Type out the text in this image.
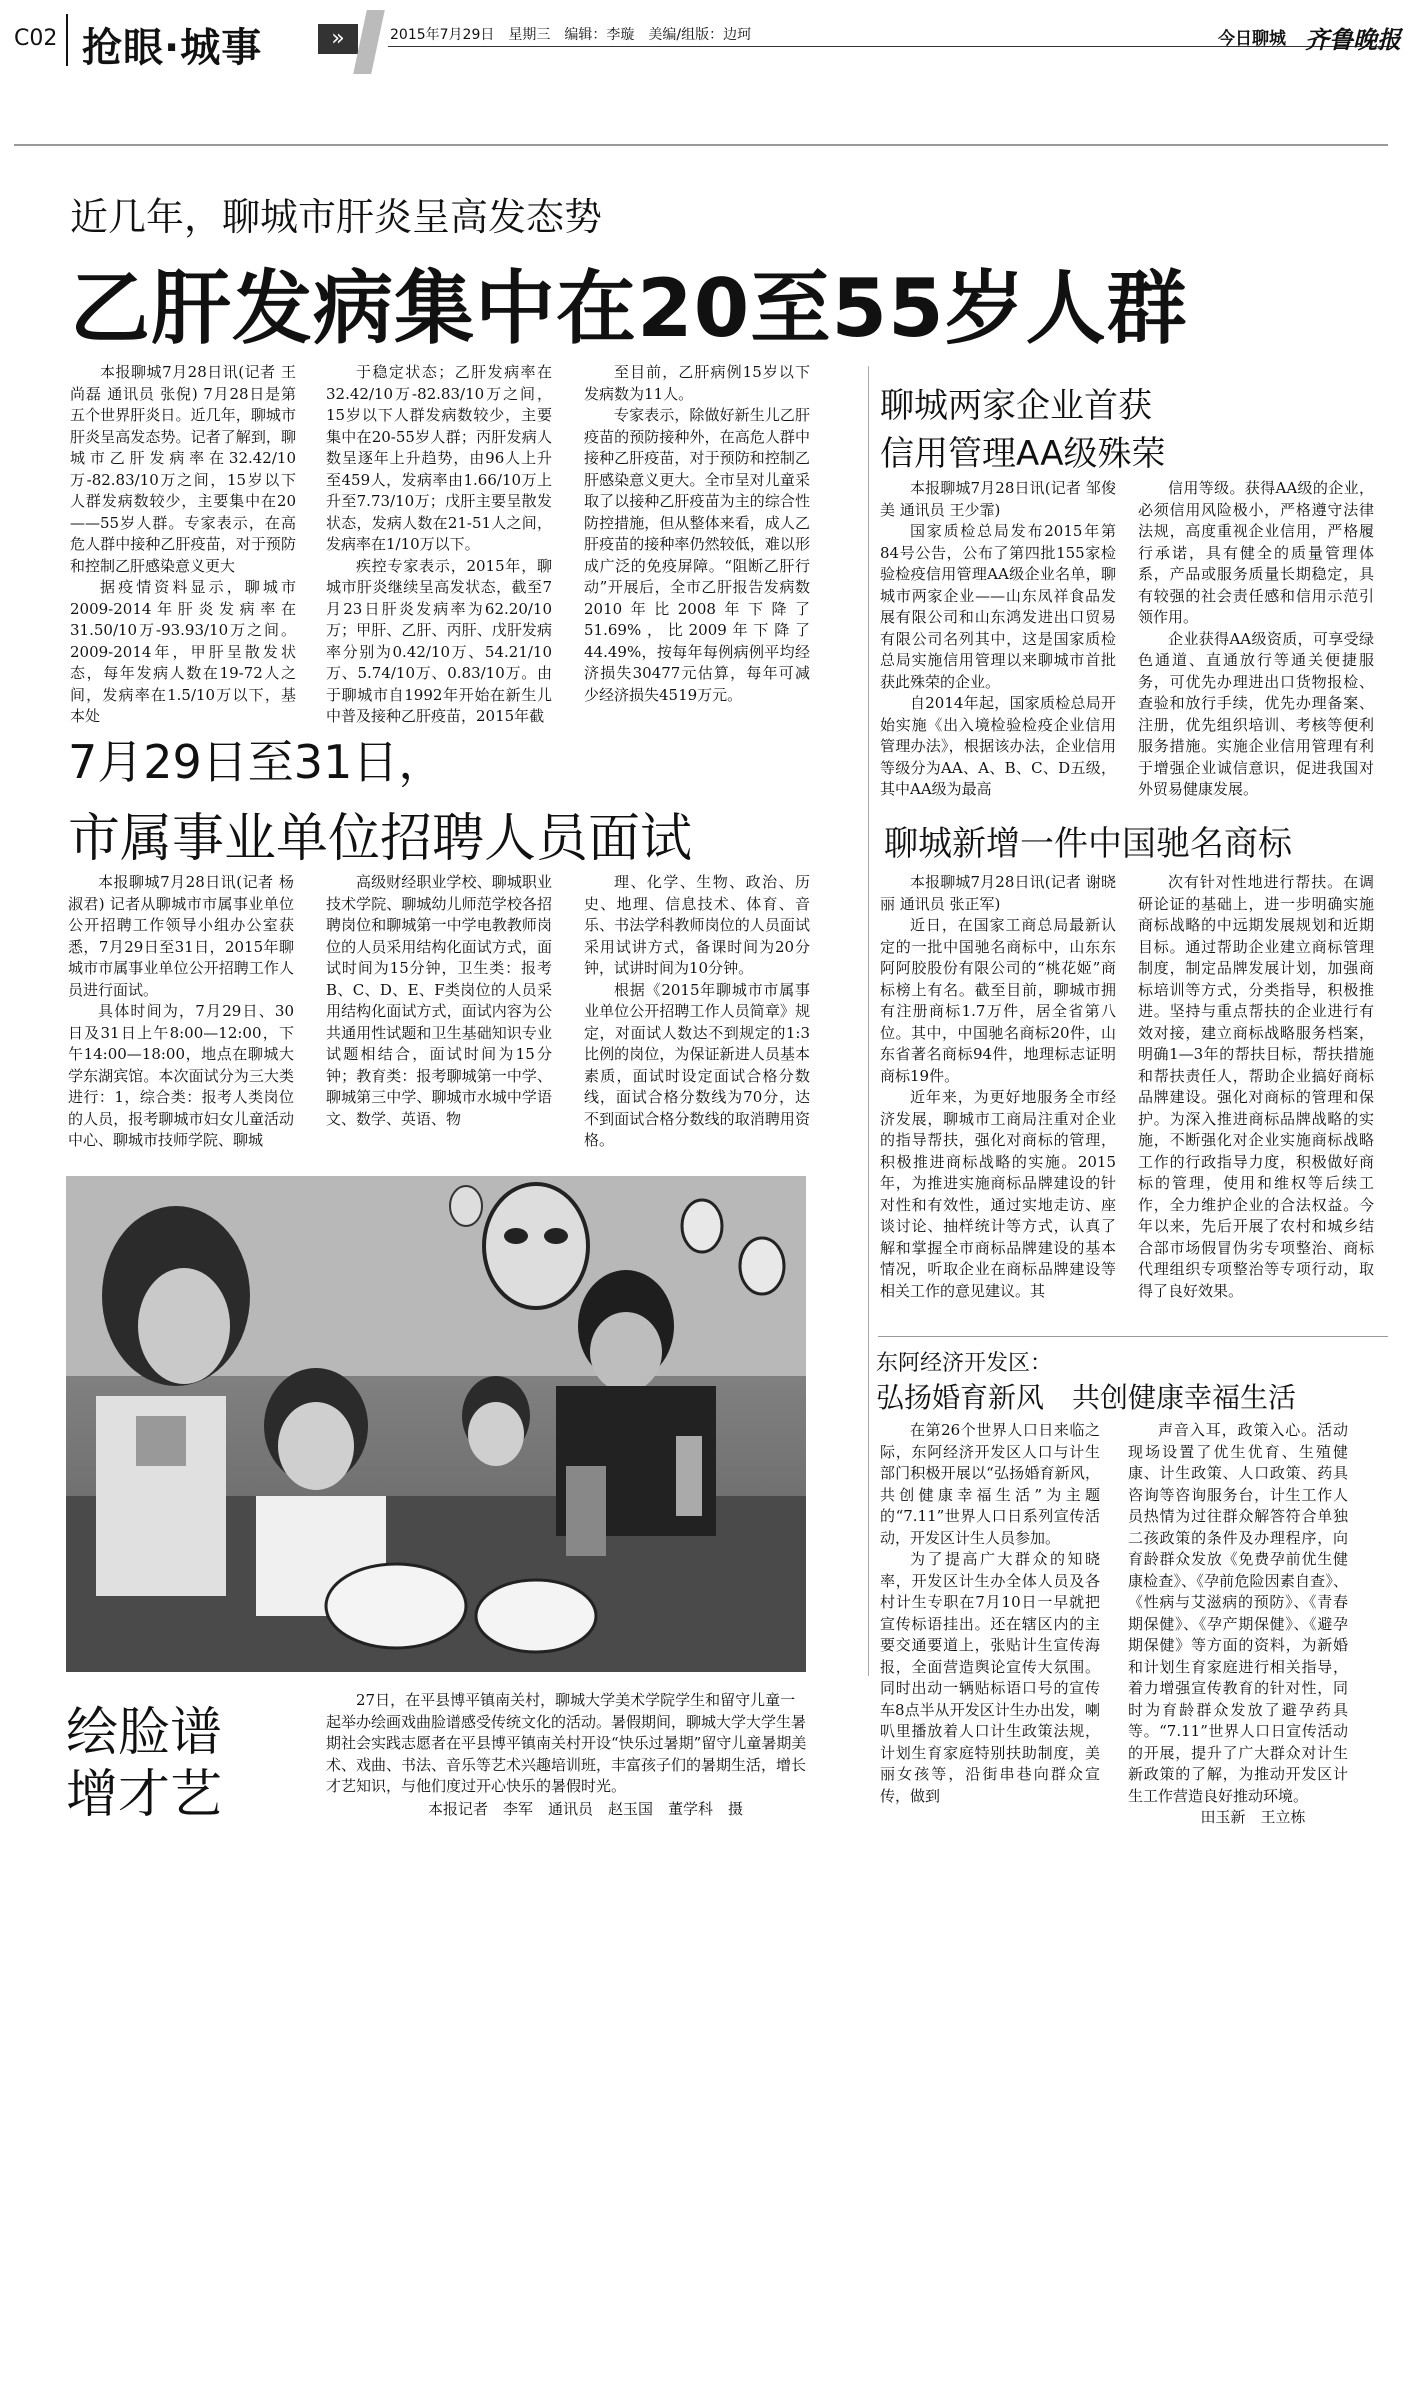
C02 抢眼·城事	»	2015年7月29日　星期三　编辑：李璇　美编/组版：边珂	今日聊城 齐鲁晚报
近几年，聊城市肝炎呈高发态势
乙肝发病集中在20至55岁人群

本报聊城7月28日讯(记者 王尚磊 通讯员 张倪) 7月28日是第五个世界肝炎日。近几年，聊城市肝炎呈高发态势。记者了解到，聊城市乙肝发病率在32.42/10万-82.83/10万之间，15岁以下人群发病数较少，主要集中在20——55岁人群。专家表示，在高危人群中接种乙肝疫苗，对于预防和控制乙肝感染意义更大

据疫情资料显示，聊城市2009-2014年肝炎发病率在31.50/10万-93.93/10万之间。2009-2014年，甲肝呈散发状态，每年发病人数在19-72人之间，发病率在1.5/10万以下，基本处

于稳定状态；乙肝发病率在32.42/10万-82.83/10万之间，15岁以下人群发病数较少，主要集中在20-55岁人群；丙肝发病人数呈逐年上升趋势，由96人上升至459人，发病率由1.66/10万上升至7.73/10万；戊肝主要呈散发状态，发病人数在21-51人之间，发病率在1/10万以下。

疾控专家表示，2015年，聊城市肝炎继续呈高发状态，截至7月23日肝炎发病率为62.20/10万；甲肝、乙肝、丙肝、戊肝发病率分别为0.42/10万、54.21/10万、5.74/10万、0.83/10万。由于聊城市自1992年开始在新生儿中普及接种乙肝疫苗，2015年截

至目前，乙肝病例15岁以下发病数为11人。

专家表示，除做好新生儿乙肝疫苗的预防接种外，在高危人群中接种乙肝疫苗，对于预防和控制乙肝感染意义更大。全市呈对儿童采取了以接种乙肝疫苗为主的综合性防控措施，但从整体来看，成人乙肝疫苗的接种率仍然较低，难以形成广泛的免疫屏障。“阻断乙肝行动”开展后，全市乙肝报告发病数2010年比2008年下降了51.69%，比2009年下降了44.49%，按每年每例病例平均经济损失30477元估算，每年可减少经济损失4519万元。

7月29日至31日，
市属事业单位招聘人员面试

本报聊城7月28日讯(记者 杨淑君) 记者从聊城市市属事业单位公开招聘工作领导小组办公室获悉，7月29日至31日，2015年聊城市市属事业单位公开招聘工作人员进行面试。

具体时间为，7月29日、30日及31日上午8:00—12:00，下午14:00—18:00，地点在聊城大学东湖宾馆。本次面试分为三大类进行：1，综合类：报考人类岗位的人员，报考聊城市妇女儿童活动中心、聊城市技师学院、聊城

高级财经职业学校、聊城职业技术学院、聊城幼儿师范学校各招聘岗位和聊城第一中学电教教师岗位的人员采用结构化面试方式，面试时间为15分钟，卫生类：报考B、C、D、E、F类岗位的人员采用结构化面试方式，面试内容为公共通用性试题和卫生基础知识专业试题相结合，面试时间为15分钟；教育类：报考聊城第一中学、聊城第三中学、聊城市水城中学语文、数学、英语、物

理、化学、生物、政治、历史、地理、信息技术、体育、音乐、书法学科教师岗位的人员面试采用试讲方式，备课时间为20分钟，试讲时间为10分钟。

根据《2015年聊城市市属事业单位公开招聘工作人员简章》规定，对面试人数达不到规定的1:3比例的岗位，为保证新进人员基本素质，面试时设定面试合格分数线，面试合格分数线为70分，达不到面试合格分数线的取消聘用资格。

绘脸谱
增才艺

27日，在平县博平镇南关村，聊城大学美术学院学生和留守儿童一起举办绘画戏曲脸谱感受传统文化的活动。暑假期间，聊城大学大学生暑期社会实践志愿者在平县博平镇南关村开设“快乐过暑期”留守儿童暑期美术、戏曲、书法、音乐等艺术兴趣培训班，丰富孩子们的暑期生活，增长才艺知识，与他们度过开心快乐的暑假时光。

本报记者　李军　通讯员　赵玉国　董学科　摄
聊城两家企业首获
信用管理AA级殊荣

本报聊城7月28日讯(记者 邹俊美 通讯员 王少霏)

国家质检总局发布2015年第84号公告，公布了第四批155家检验检疫信用管理AA级企业名单，聊城市两家企业——山东凤祥食品发展有限公司和山东鸿发进出口贸易有限公司名列其中，这是国家质检总局实施信用管理以来聊城市首批获此殊荣的企业。

自2014年起，国家质检总局开始实施《出入境检验检疫企业信用管理办法》，根据该办法，企业信用等级分为AA、A、B、C、D五级，其中AA级为最高

信用等级。获得AA级的企业，必须信用风险极小，严格遵守法律法规，高度重视企业信用，严格履行承诺，具有健全的质量管理体系，产品或服务质量长期稳定，具有较强的社会责任感和信用示范引领作用。

企业获得AA级资质，可享受绿色通道、直通放行等通关便捷服务，可优先办理进出口货物报检、查验和放行手续，优先办理备案、注册，优先组织培训、考核等便利服务措施。实施企业信用管理有利于增强企业诚信意识，促进我国对外贸易健康发展。

聊城新增一件中国驰名商标

本报聊城7月28日讯(记者 谢晓丽 通讯员 张正军)

近日，在国家工商总局最新认定的一批中国驰名商标中，山东东阿阿胶股份有限公司的“桃花姬”商标榜上有名。截至目前，聊城市拥有注册商标1.7万件，居全省第八位。其中，中国驰名商标20件，山东省著名商标94件，地理标志证明商标19件。

近年来，为更好地服务全市经济发展，聊城市工商局注重对企业的指导帮扶，强化对商标的管理，积极推进商标战略的实施。2015年，为推进实施商标品牌建设的针对性和有效性，通过实地走访、座谈讨论、抽样统计等方式，认真了解和掌握全市商标品牌建设的基本情况，听取企业在商标品牌建设等相关工作的意见建议。其

次有针对性地进行帮扶。在调研论证的基础上，进一步明确实施商标战略的中远期发展规划和近期目标。通过帮助企业建立商标管理制度，制定品牌发展计划，加强商标培训等方式，分类指导，积极推进。坚持与重点帮扶的企业进行有效对接，建立商标战略服务档案，明确1—3年的帮扶目标，帮扶措施和帮扶责任人，帮助企业搞好商标品牌建设。强化对商标的管理和保护。为深入推进商标品牌战略的实施，不断强化对企业实施商标战略工作的行政指导力度，积极做好商标的管理，使用和维权等后续工作，全力维护企业的合法权益。今年以来，先后开展了农村和城乡结合部市场假冒伪劣专项整治、商标代理组织专项整治等专项行动，取得了良好效果。

东阿经济开发区：
弘扬婚育新风　共创健康幸福生活

在第26个世界人口日来临之际，东阿经济开发区人口与计生部门积极开展以“弘扬婚育新风，共创健康幸福生活”为主题的“7.11”世界人口日系列宣传活动，开发区计生人员参加。

为了提高广大群众的知晓率，开发区计生办全体人员及各村计生专职在7月10日一早就把宣传标语挂出。还在辖区内的主要交通要道上，张贴计生宣传海报，全面营造舆论宣传大氛围。同时出动一辆贴标语口号的宣传车8点半从开发区计生办出发，喇叭里播放着人口计生政策法规，计划生育家庭特别扶助制度，美丽女孩等，沿街串巷向群众宣传，做到

声音入耳，政策入心。活动现场设置了优生优育、生殖健康、计生政策、人口政策、药具咨询等咨询服务台，计生工作人员热情为过往群众解答符合单独二孩政策的条件及办理程序，向育龄群众发放《免费孕前优生健康检查》、《孕前危险因素自查》、《性病与艾滋病的预防》、《青春期保健》、《孕产期保健》、《避孕期保健》等方面的资料，为新婚和计划生育家庭进行相关指导，着力增强宣传教育的针对性，同时为育龄群众发放了避孕药具等。“7.11”世界人口日宣传活动的开展，提升了广大群众对计生新政策的了解，为推动开发区计生工作营造良好推动环境。

田玉新　王立栋
